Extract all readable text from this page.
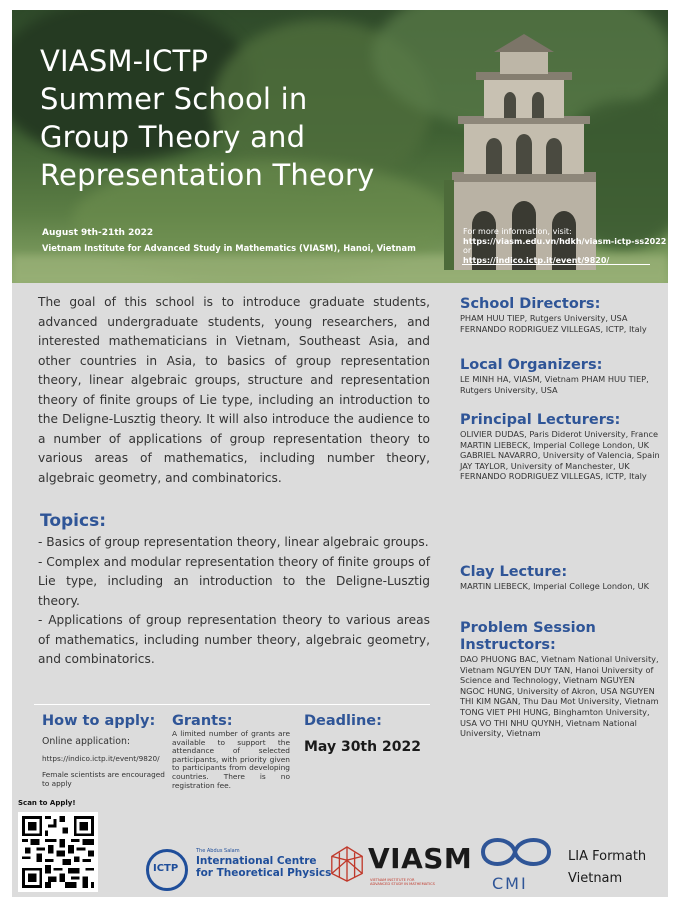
VIASM-ICTP
Summer School in
Group Theory and
Representation Theory
August 9th-21th 2022
Vietnam Institute for Advanced Study in Mathematics (VIASM), Hanoi, Vietnam
For more information, visit:
https://viasm.edu.vn/hdkh/viasm-ictp-ss2022
or
https://indico.ictp.it/event/9820/
The goal of this school is to introduce graduate students, advanced undergraduate students, young researchers, and interested mathematicians in Vietnam, Southeast Asia, and other countries in Asia, to basics of group representation theory, linear algebraic groups, structure and representation theory of finite groups of Lie type, including an introduction to the Deligne-Lusztig theory. It will also introduce the audience to a number of applications of group representation theory to various areas of mathematics, including number theory, algebraic geometry, and combinatorics.
Topics:

- Basics of group representation theory, linear algebraic groups.

- Complex and modular representation theory of finite groups of Lie type, including an introduction to the Deligne-Lusztig theory.

- Applications of group representation theory to various areas of mathematics, including number theory, algebraic geometry, and combinatorics.

How to apply:
Online application:
https://indico.ictp.it/event/9820/
Female scientists are encouraged to apply
Grants:
A limited number of grants are available to support the attendance of selected participants, with priority given to participants from developing countries. There is no registration fee.
Deadline:
May 30th 2022
Scan to Apply!
School Directors:
PHAM HUU TIEP, Rutgers University, USA FERNANDO RODRIGUEZ VILLEGAS, ICTP, Italy
Local Organizers:
LE MINH HA, VIASM, Vietnam PHAM HUU TIEP, Rutgers University, USA
Principal Lecturers:
OLIVIER DUDAS, Paris Diderot University, France MARTIN LIEBECK, Imperial College London, UK GABRIEL NAVARRO, University of Valencia, Spain JAY TAYLOR, University of Manchester, UK FERNANDO RODRIGUEZ VILLEGAS, ICTP, Italy
Clay Lecture:
MARTIN LIEBECK, Imperial College London, UK
Problem Session Instructors:
DAO PHUONG BAC, Vietnam National University, Vietnam NGUYEN DUY TAN, Hanoi University of Science and Technology, Vietnam NGUYEN NGOC HUNG, University of Akron, USA NGUYEN THI KIM NGAN, Thu Dau Mot University, Vietnam TONG VIET PHI HUNG, Binghamton University, USA VO THI NHU QUYNH, Vietnam National University, Vietnam
ICTP
The Abdus Salam
International Centre
for Theoretical Physics VIASM
VIETNAM INSTITUTE FOR
ADVANCED STUDY IN MATHEMATICS	CMI
LIA Formath
Vietnam
